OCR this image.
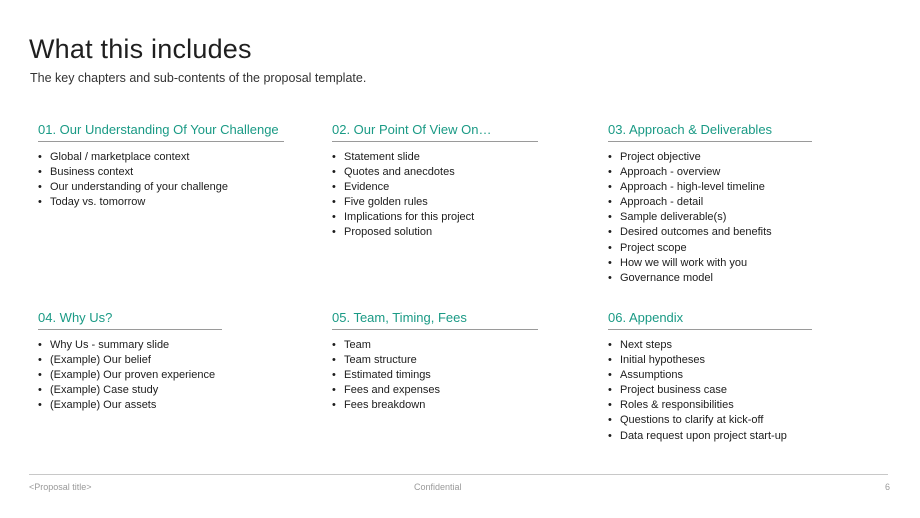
What this includes
The key chapters and sub-contents of the proposal template.
01. Our Understanding Of Your Challenge
• Global / marketplace context
• Business context
• Our understanding of your challenge
• Today vs. tomorrow
02. Our Point Of View On…
• Statement slide
• Quotes and anecdotes
• Evidence
• Five golden rules
• Implications for this project
• Proposed solution
03. Approach & Deliverables
• Project objective
• Approach - overview
• Approach - high-level timeline
• Approach - detail
• Sample deliverable(s)
• Desired outcomes and benefits
• Project scope
• How we will work with you
• Governance model
04. Why Us?
• Why Us - summary slide
• (Example) Our belief
• (Example) Our proven experience
• (Example) Case study
• (Example) Our assets
05. Team, Timing, Fees
• Team
• Team structure
• Estimated timings
• Fees and expenses
• Fees breakdown
06. Appendix
• Next steps
• Initial hypotheses
• Assumptions
• Project business case
• Roles & responsibilities
• Questions to clarify at kick-off
• Data request upon project start-up
<Proposal title>	Confidential	6
